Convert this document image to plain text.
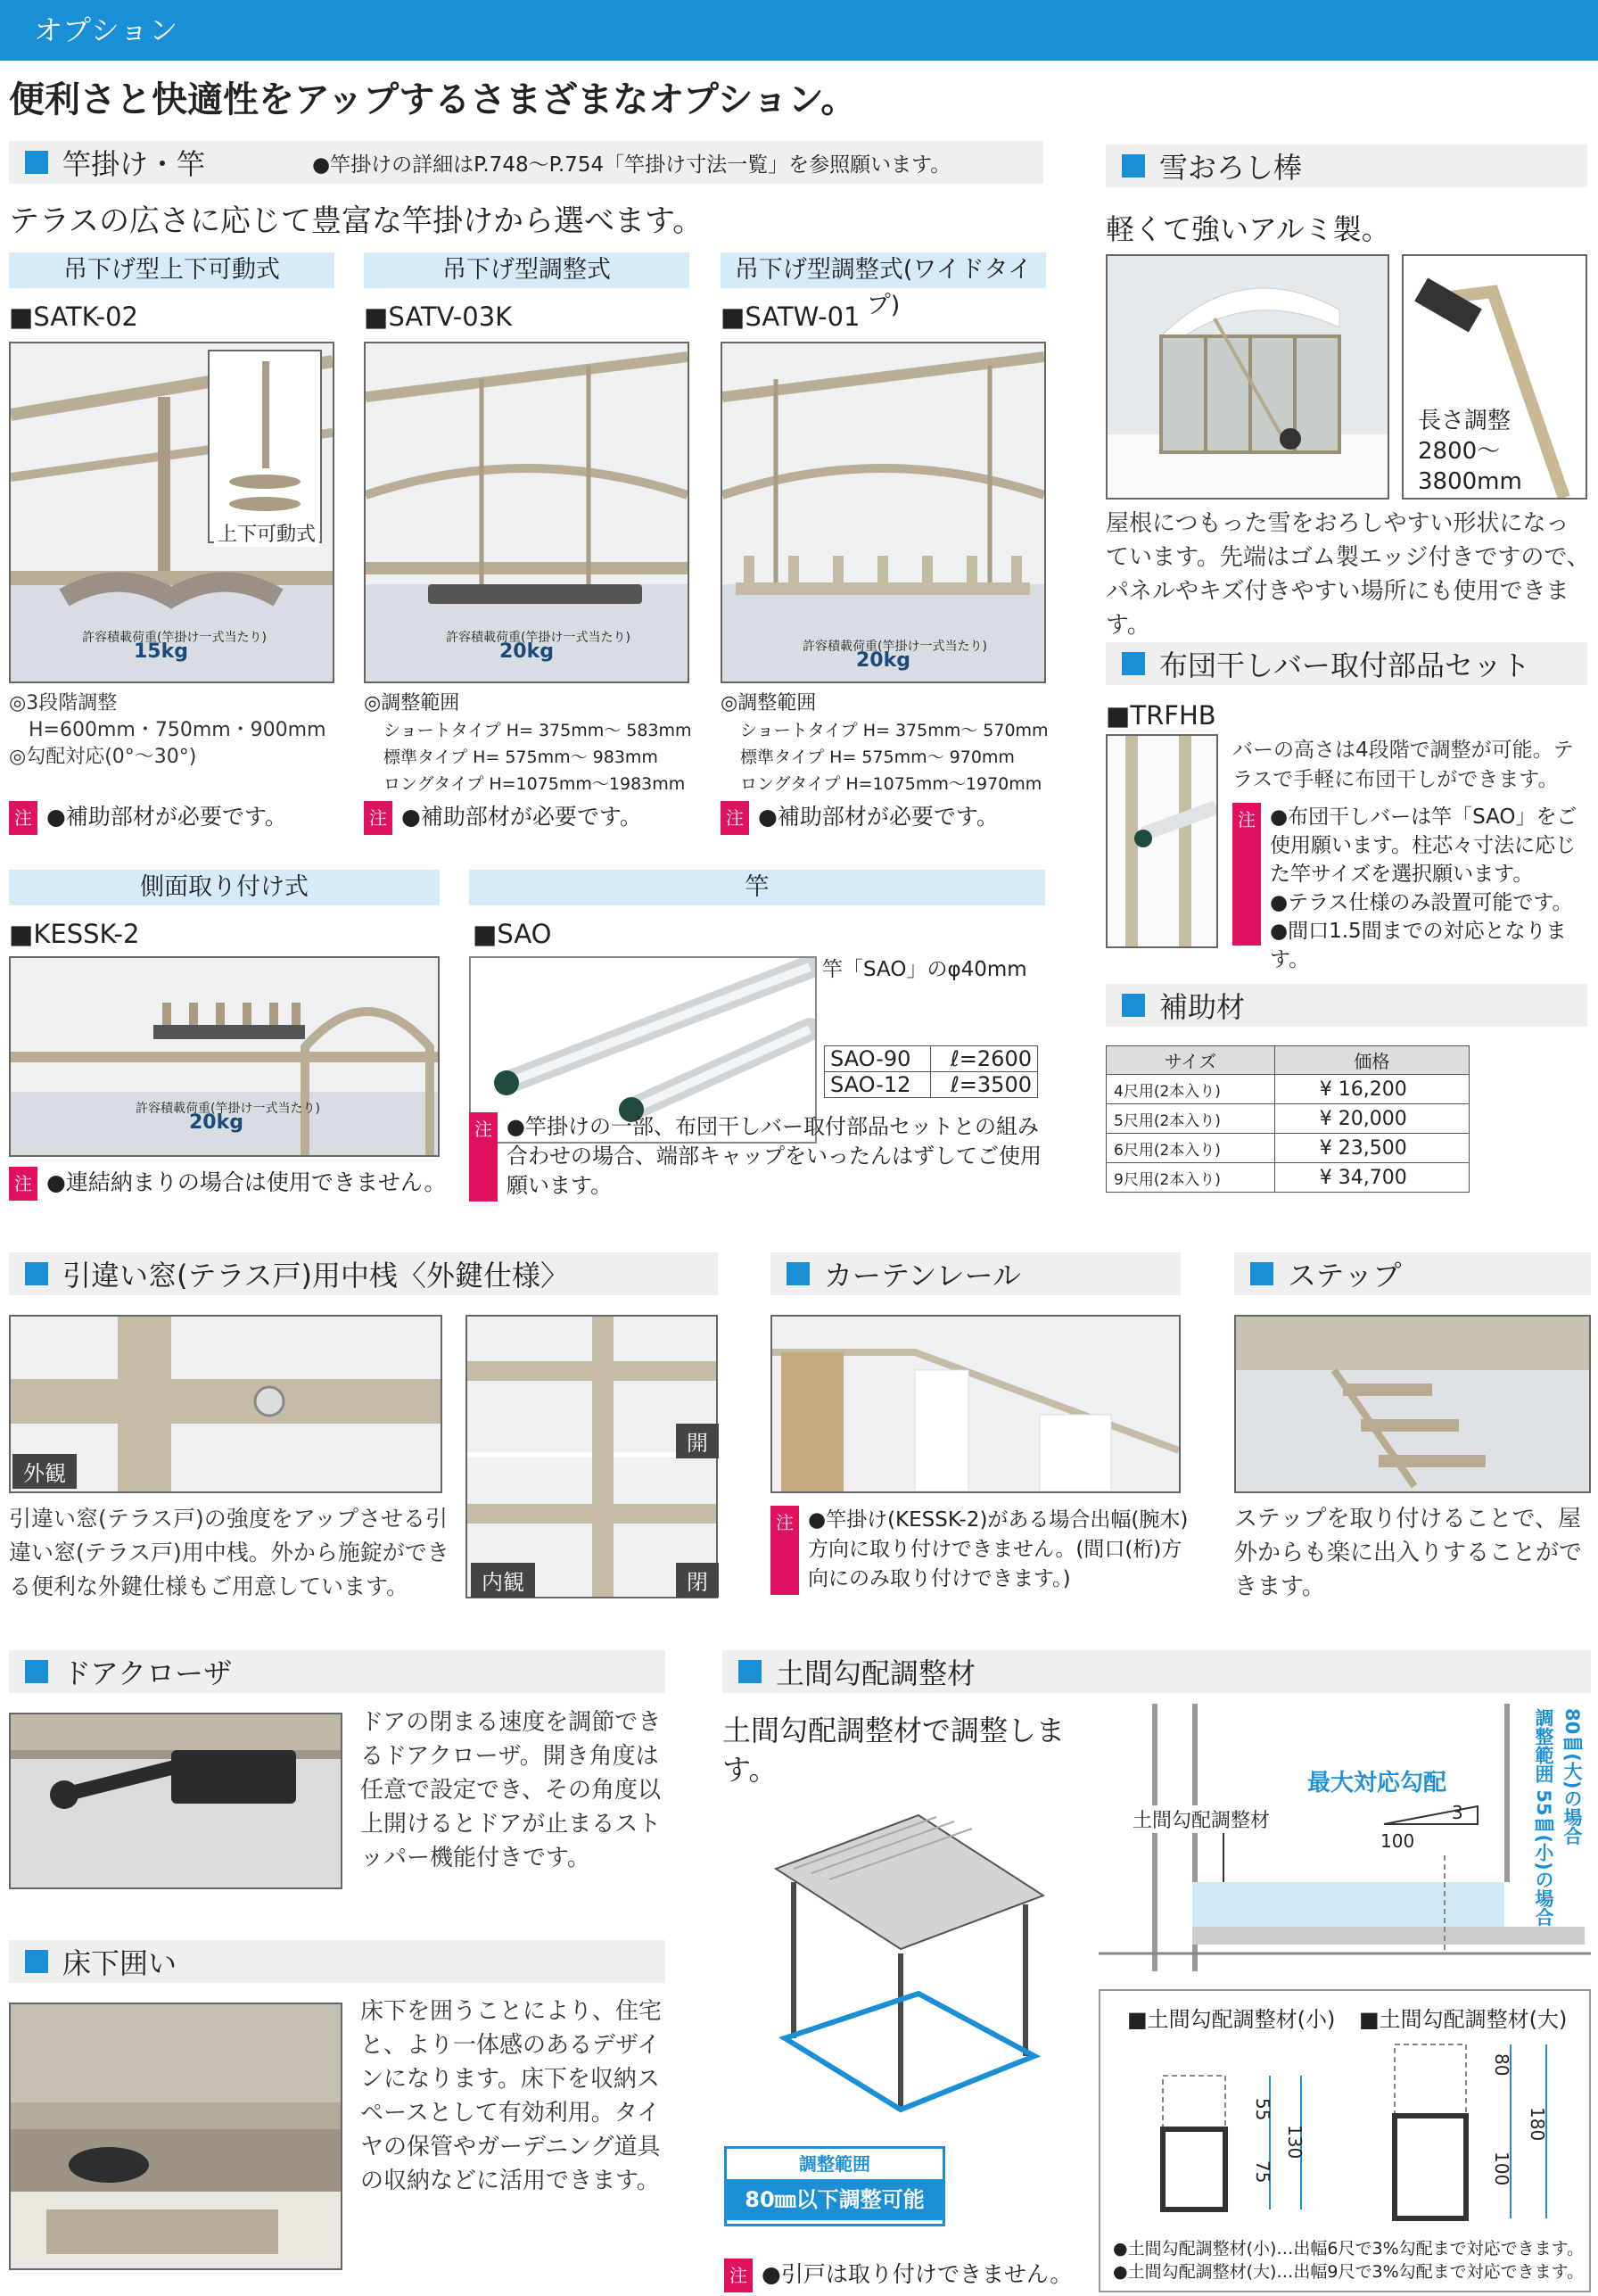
オプション
便利さと快適性をアップするさまざまなオプション。
竿掛け・竿	●竿掛けの詳細はP.748〜P.754「竿掛け寸法一覧」を参照願います。
テラスの広さに応じて豊富な竿掛けから選べます。
吊下げ型上下可動式
■SATK-02
上下可動式
許容積載荷重(竿掛け一式当たり)
15kg
◎3段階調整
H=600mm・750mm・900mm
◎勾配対応(0°〜30°)
注 ●補助部材が必要です。
吊下げ型調整式
■SATV-03K
許容積載荷重(竿掛け一式当たり)
20kg
◎調整範囲
ショートタイプ H= 375mm〜 583mm
標準タイプ H= 575mm〜 983mm
ロングタイプ H=1075mm〜1983mm
注 ●補助部材が必要です。
吊下げ型調整式(ワイドタイプ)
■SATW-01
許容積載荷重(竿掛け一式当たり)
20kg
◎調整範囲
ショートタイプ H= 375mm〜 570mm
標準タイプ H= 575mm〜 970mm
ロングタイプ H=1075mm〜1970mm
注 ●補助部材が必要です。
側面取り付け式
■KESSK-2
許容積載荷重(竿掛け一式当たり)
20kg
注 ●連結納まりの場合は使用できません。
竿
■SAO
竿「SAO」のφ40mm
SAO-90	ℓ=2600
SAO-12	ℓ=3500
注 ●竿掛けの一部、布団干しバー取付部品セットとの組み合わせの場合、端部キャップをいったんはずしてご使用願います。
雪おろし棒
軽くて強いアルミ製。
長さ調整
2800〜
3800mm
屋根につもった雪をおろしやすい形状になっています。先端はゴム製エッジ付きですので、パネルやキズ付きやすい場所にも使用できます。
布団干しバー取付部品セット
■TRFHB
バーの高さは4段階で調整が可能。テラスで手軽に布団干しができます。
注 ●布団干しバーは竿「SAO」をご使用願います。柱芯々寸法に応じた竿サイズを選択願います。
●テラス仕様のみ設置可能です。
●間口1.5間までの対応となります。
補助材
サイズ	価格
4尺用(2本入り)	¥ 16,200
5尺用(2本入り)	¥ 20,000
6尺用(2本入り)	¥ 23,500
9尺用(2本入り)	¥ 34,700
引違い窓(テラス戸)用中桟〈外鍵仕様〉
外観
開
内観	閉
引違い窓(テラス戸)の強度をアップさせる引違い窓(テラス戸)用中桟。外から施錠ができる便利な外鍵仕様もご用意しています。
カーテンレール
注 ●竿掛け(KESSK-2)がある場合出幅(腕木)方向に取り付けできません。(間口(桁)方向にのみ取り付けできます。)
ステップ
ステップを取り付けることで、屋外からも楽に出入りすることができます。
ドアクローザ
ドアの閉まる速度を調節できるドアクローザ。開き角度は任意で設定でき、その角度以上開けるとドアが止まるストッパー機能付きです。
床下囲い
床下を囲うことにより、住宅と、より一体感のあるデザインになります。床下を収納スペースとして有効利用。タイヤの保管やガーデニング道具の収納などに活用できます。
土間勾配調整材
土間勾配調整材で調整します。
調整範囲
80㎜以下調整可能
注 ●引戸は取り付けできません。
最大対応勾配
3
100
土間勾配調整材	調整範囲 55㎜(小)の場合 80㎜(大)の場合
■土間勾配調整材(小) ■土間勾配調整材(大)
55
75
130
80
100
180
●土間勾配調整材(小)…出幅6尺で3%勾配まで対応できます。
●土間勾配調整材(大)…出幅9尺で3%勾配まで対応できます。
